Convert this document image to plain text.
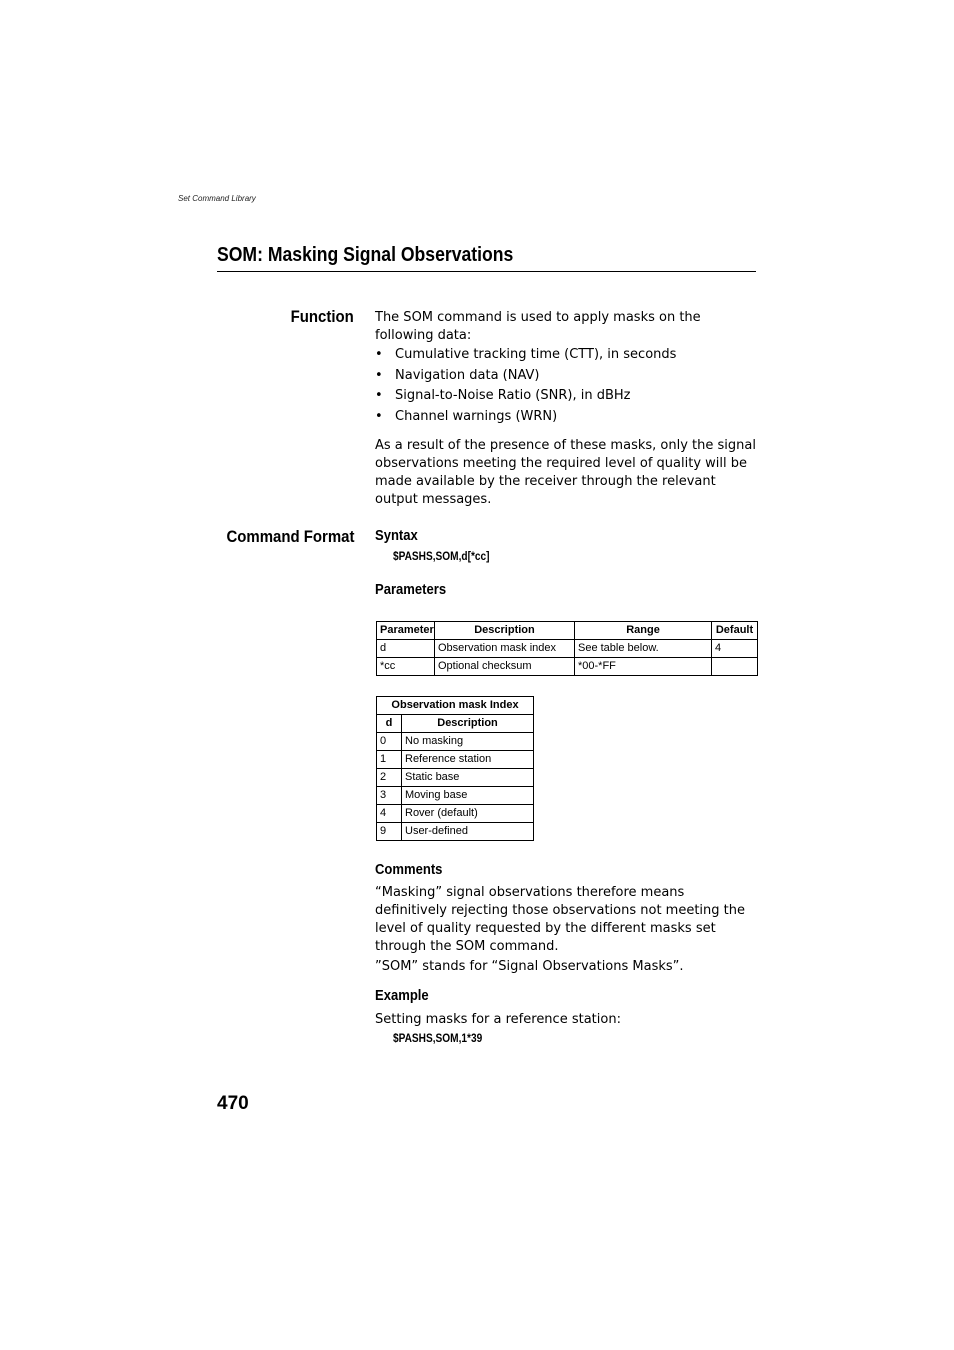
Set Command Library
SOM: Masking Signal Observations
Function The SOM command is used to apply masks on the following data:
• Cumulative tracking time (CTT), in seconds
• Navigation data (NAV)
• Signal-to-Noise Ratio (SNR), in dBHz
• Channel warnings (WRN)
As a result of the presence of these masks, only the signal observations meeting the required level of quality will be made available by the receiver through the relevant output messages.
Command Format Syntax
$PASHS,SOM,d[*cc]
Parameters
Parameter	Description	Range	Default
d	Observation mask index	See table below.	4
*cc	Optional checksum	*00-*FF	
Observation mask Index	
d	Description
0	No masking
1	Reference station
2	Static base
3	Moving base
4	Rover (default)
9	User-defined
Comments
“Masking” signal observations therefore means definitively rejecting those observations not meeting the level of quality requested by the different masks set through the SOM command.
”SOM” stands for “Signal Observations Masks”.
Example
Setting masks for a reference station:
$PASHS,SOM,1*39
470
